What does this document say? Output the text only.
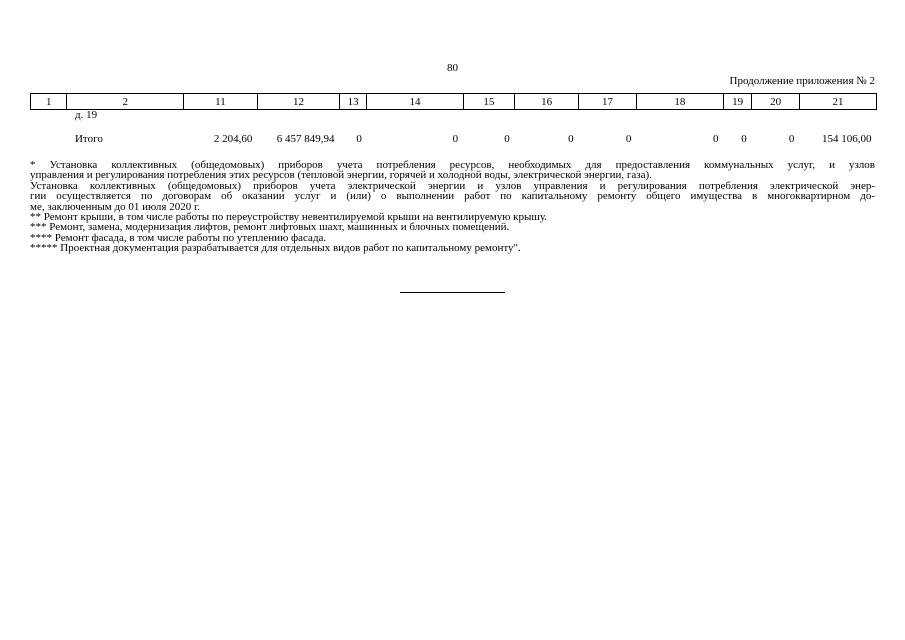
80
Продолжение приложения № 2
1	2	11	12	13	14	15	16	17	18	19	20	21
	д. 19											
	Итого	2 204,60	6 457 849,94	0	0	0	0	0	0	0	0	154 106,00

* Установка коллективных (общедомовых) приборов учета потребления ресурсов, необходимых для предоставления коммунальных услуг, и узлов

управления и регулирования потребления этих ресурсов (тепловой энергии, горячей и холодной воды, электрической энергии, газа).

Установка коллективных (общедомовых) приборов учета электрической энергии и узлов управления и регулирования потребления электрической энер-

гии осуществляется по договорам об оказании услуг и (или) о выполнении работ по капитальному ремонту общего имущества в многоквартирном до-

ме, заключенным до 01 июля 2020 г.

** Ремонт крыши, в том числе работы по переустройству невентилируемой крыши на вентилируемую крышу.

*** Ремонт, замена, модернизация лифтов, ремонт лифтовых шахт, машинных и блочных помещений.

**** Ремонт фасада, в том числе работы по утеплению фасада.

***** Проектная документация разрабатывается для отдельных видов работ по капитальному ремонту".
